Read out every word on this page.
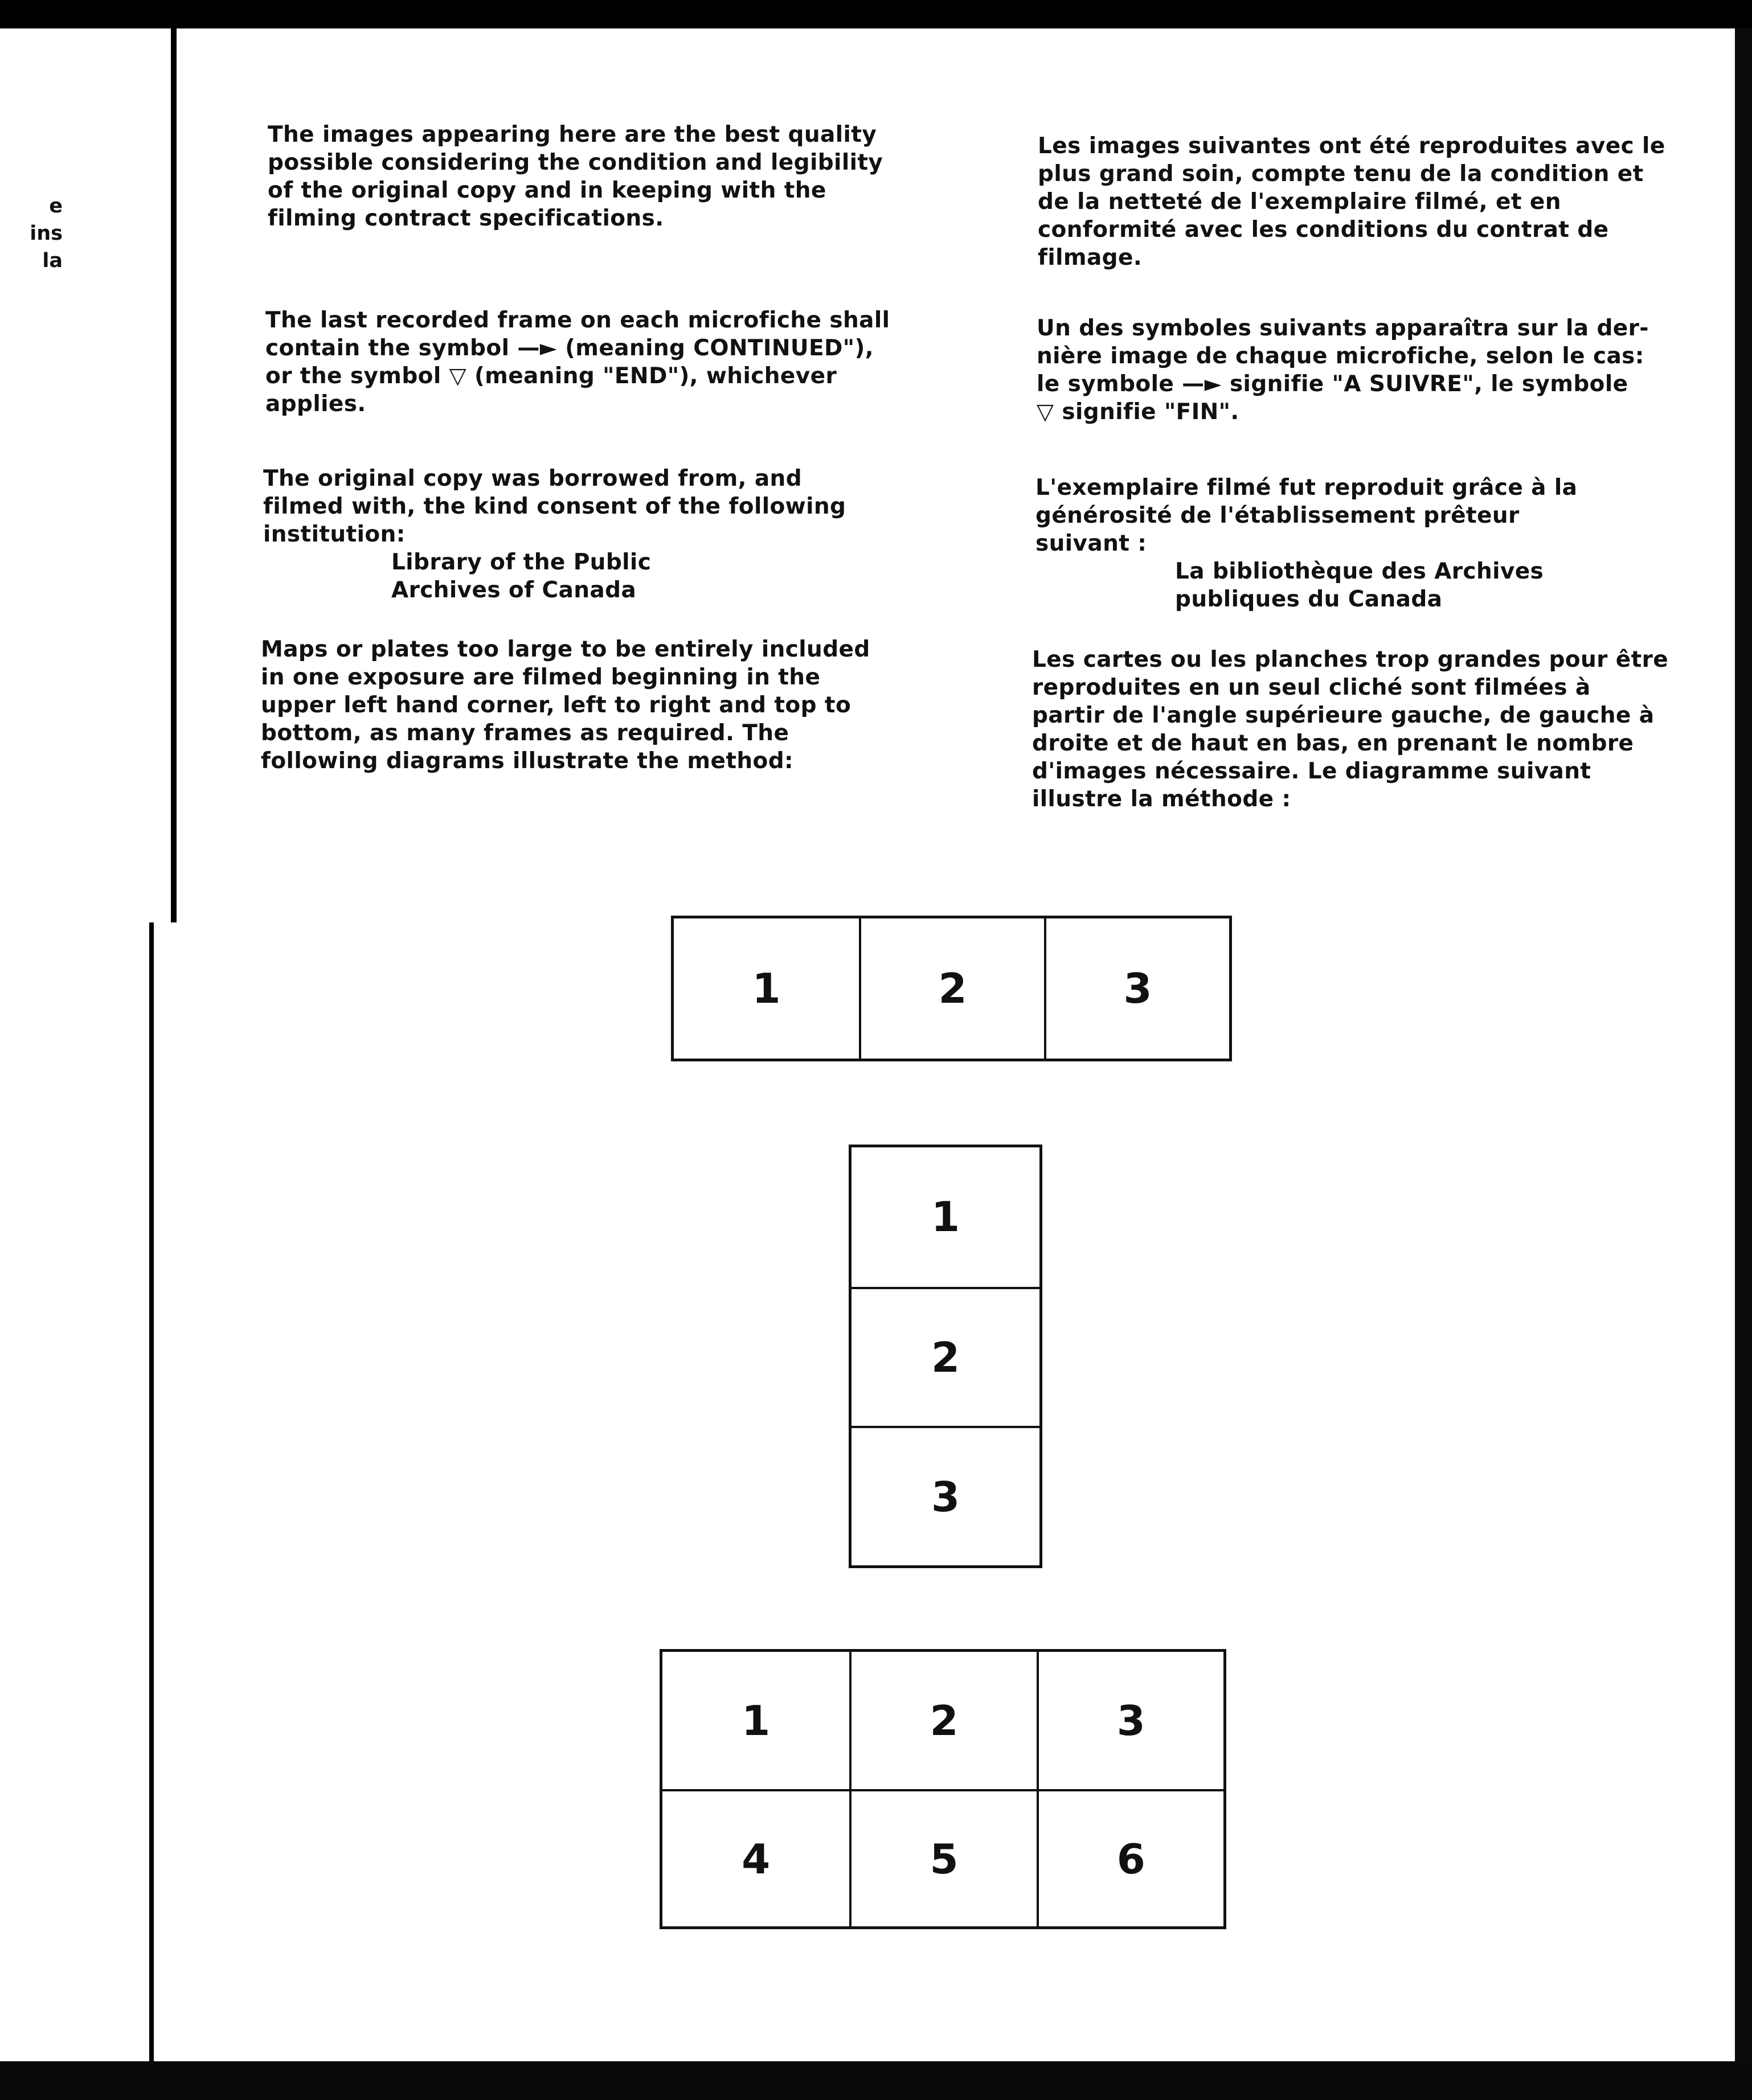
e
ins
la
The images appearing here are the best quality
possible considering the condition and legibility
of the original copy and in keeping with the
filming contract specifications.
The last recorded frame on each microfiche shall
contain the symbol —► (meaning CONTINUED"),
or the symbol ▽ (meaning "END"), whichever
applies.
The original copy was borrowed from, and
filmed with, the kind consent of the following
institution:
Library of the Public
Archives of Canada
Maps or plates too large to be entirely included
in one exposure are filmed beginning in the
upper left hand corner, left to right and top to
bottom, as many frames as required. The
following diagrams illustrate the method:
Les images suivantes ont été reproduites avec le
plus grand soin, compte tenu de la condition et
de la netteté de l'exemplaire filmé, et en
conformité avec les conditions du contrat de
filmage.
Un des symboles suivants apparaîtra sur la der-
nière image de chaque microfiche, selon le cas:
le symbole —► signifie "A SUIVRE", le symbole
▽ signifie "FIN".
L'exemplaire filmé fut reproduit grâce à la
générosité de l'établissement prêteur
suivant :
La bibliothèque des Archives
publiques du Canada
Les cartes ou les planches trop grandes pour être
reproduites en un seul cliché sont filmées à
partir de l'angle supérieure gauche, de gauche à
droite et de haut en bas, en prenant le nombre
d'images nécessaire. Le diagramme suivant
illustre la méthode :
1	2	3
1
2
3
1	2	3
4	5	6
